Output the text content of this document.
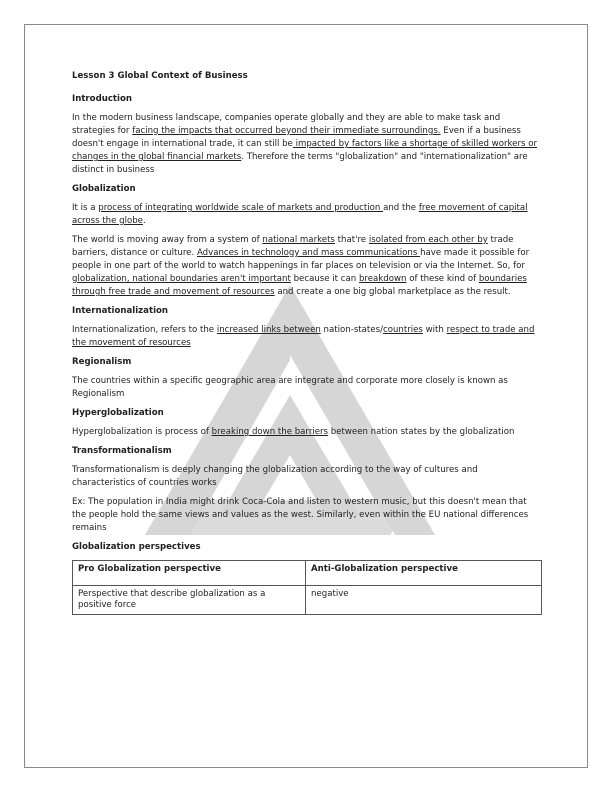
Lesson 3 Global Context of Business

Introduction

In the modern business landscape, companies operate globally and they are able to make task and strategies for facing the impacts that occurred beyond their immediate surroundings. Even if a business doesn't engage in international trade, it can still be impacted by factors like a shortage of skilled workers or changes in the global financial markets. Therefore the terms "globalization" and "internationalization" are distinct in business

Globalization

It is a process of integrating worldwide scale of markets and production and the free movement of capital across the globe.

The world is moving away from a system of national markets that're isolated from each other by trade barriers, distance or culture. Advances in technology and mass communications have made it possible for people in one part of the world to watch happenings in far places on television or via the Internet. So, for globalization, national boundaries aren't important because it can breakdown of these kind of boundaries through free trade and movement of resources and create a one big global marketplace as the result.

Internationalization

Internationalization, refers to the increased links between nation-states/countries with respect to trade and the movement of resources

Regionalism

The countries within a specific geographic area are integrate and corporate more closely is known as Regionalism

Hyperglobalization

Hyperglobalization is process of breaking down the barriers between nation states by the globalization

Transformationalism

Transformationalism is deeply changing the globalization according to the way of cultures and characteristics of countries works

Ex: The population in India might drink Coca-Cola and listen to western music, but this doesn't mean that the people hold the same views and values as the west. Similarly, even within the EU national differences remains

Globalization perspectives

Pro Globalization perspective	Anti-Globalization perspective
Perspective that describe globalization as a positive force	negative
